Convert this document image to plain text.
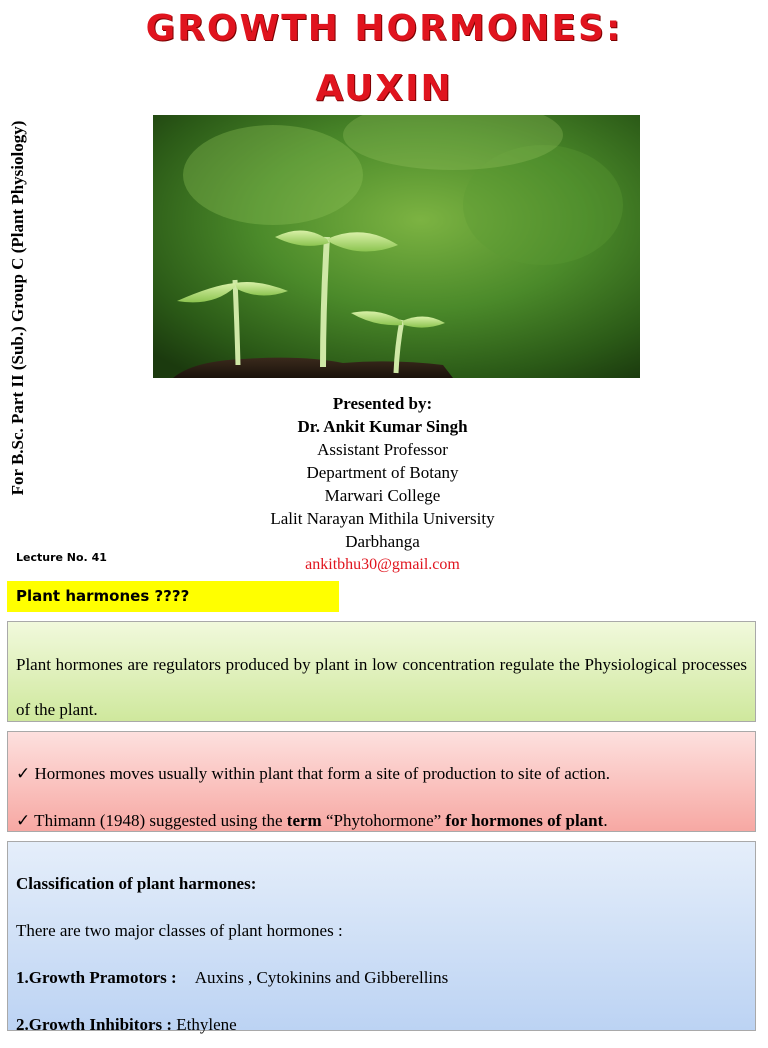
GROWTH HORMONES:
AUXIN
For B.Sc. Part II (Sub.) Group C (Plant Physiology)	Presented by:
Dr. Ankit Kumar Singh
Assistant Professor
Department of Botany
Marwari College
Lalit Narayan Mithila University
Darbhanga
ankitbhu30@gmail.com
Lecture No. 41
Plant harmones ????
Plant hormones are regulators produced by plant in low concentration regulate the Physiological processes of the plant.
✓ Hormones moves usually within plant that form a site of production to site of action.
✓ Thimann (1948) suggested using the term “Phytohormone” for hormones of plant.
Classification of plant harmones:
There are two major classes of plant hormones :
1.Growth Pramotors : Auxins , Cytokinins and Gibberellins
2.Growth Inhibitors : Ethylene
